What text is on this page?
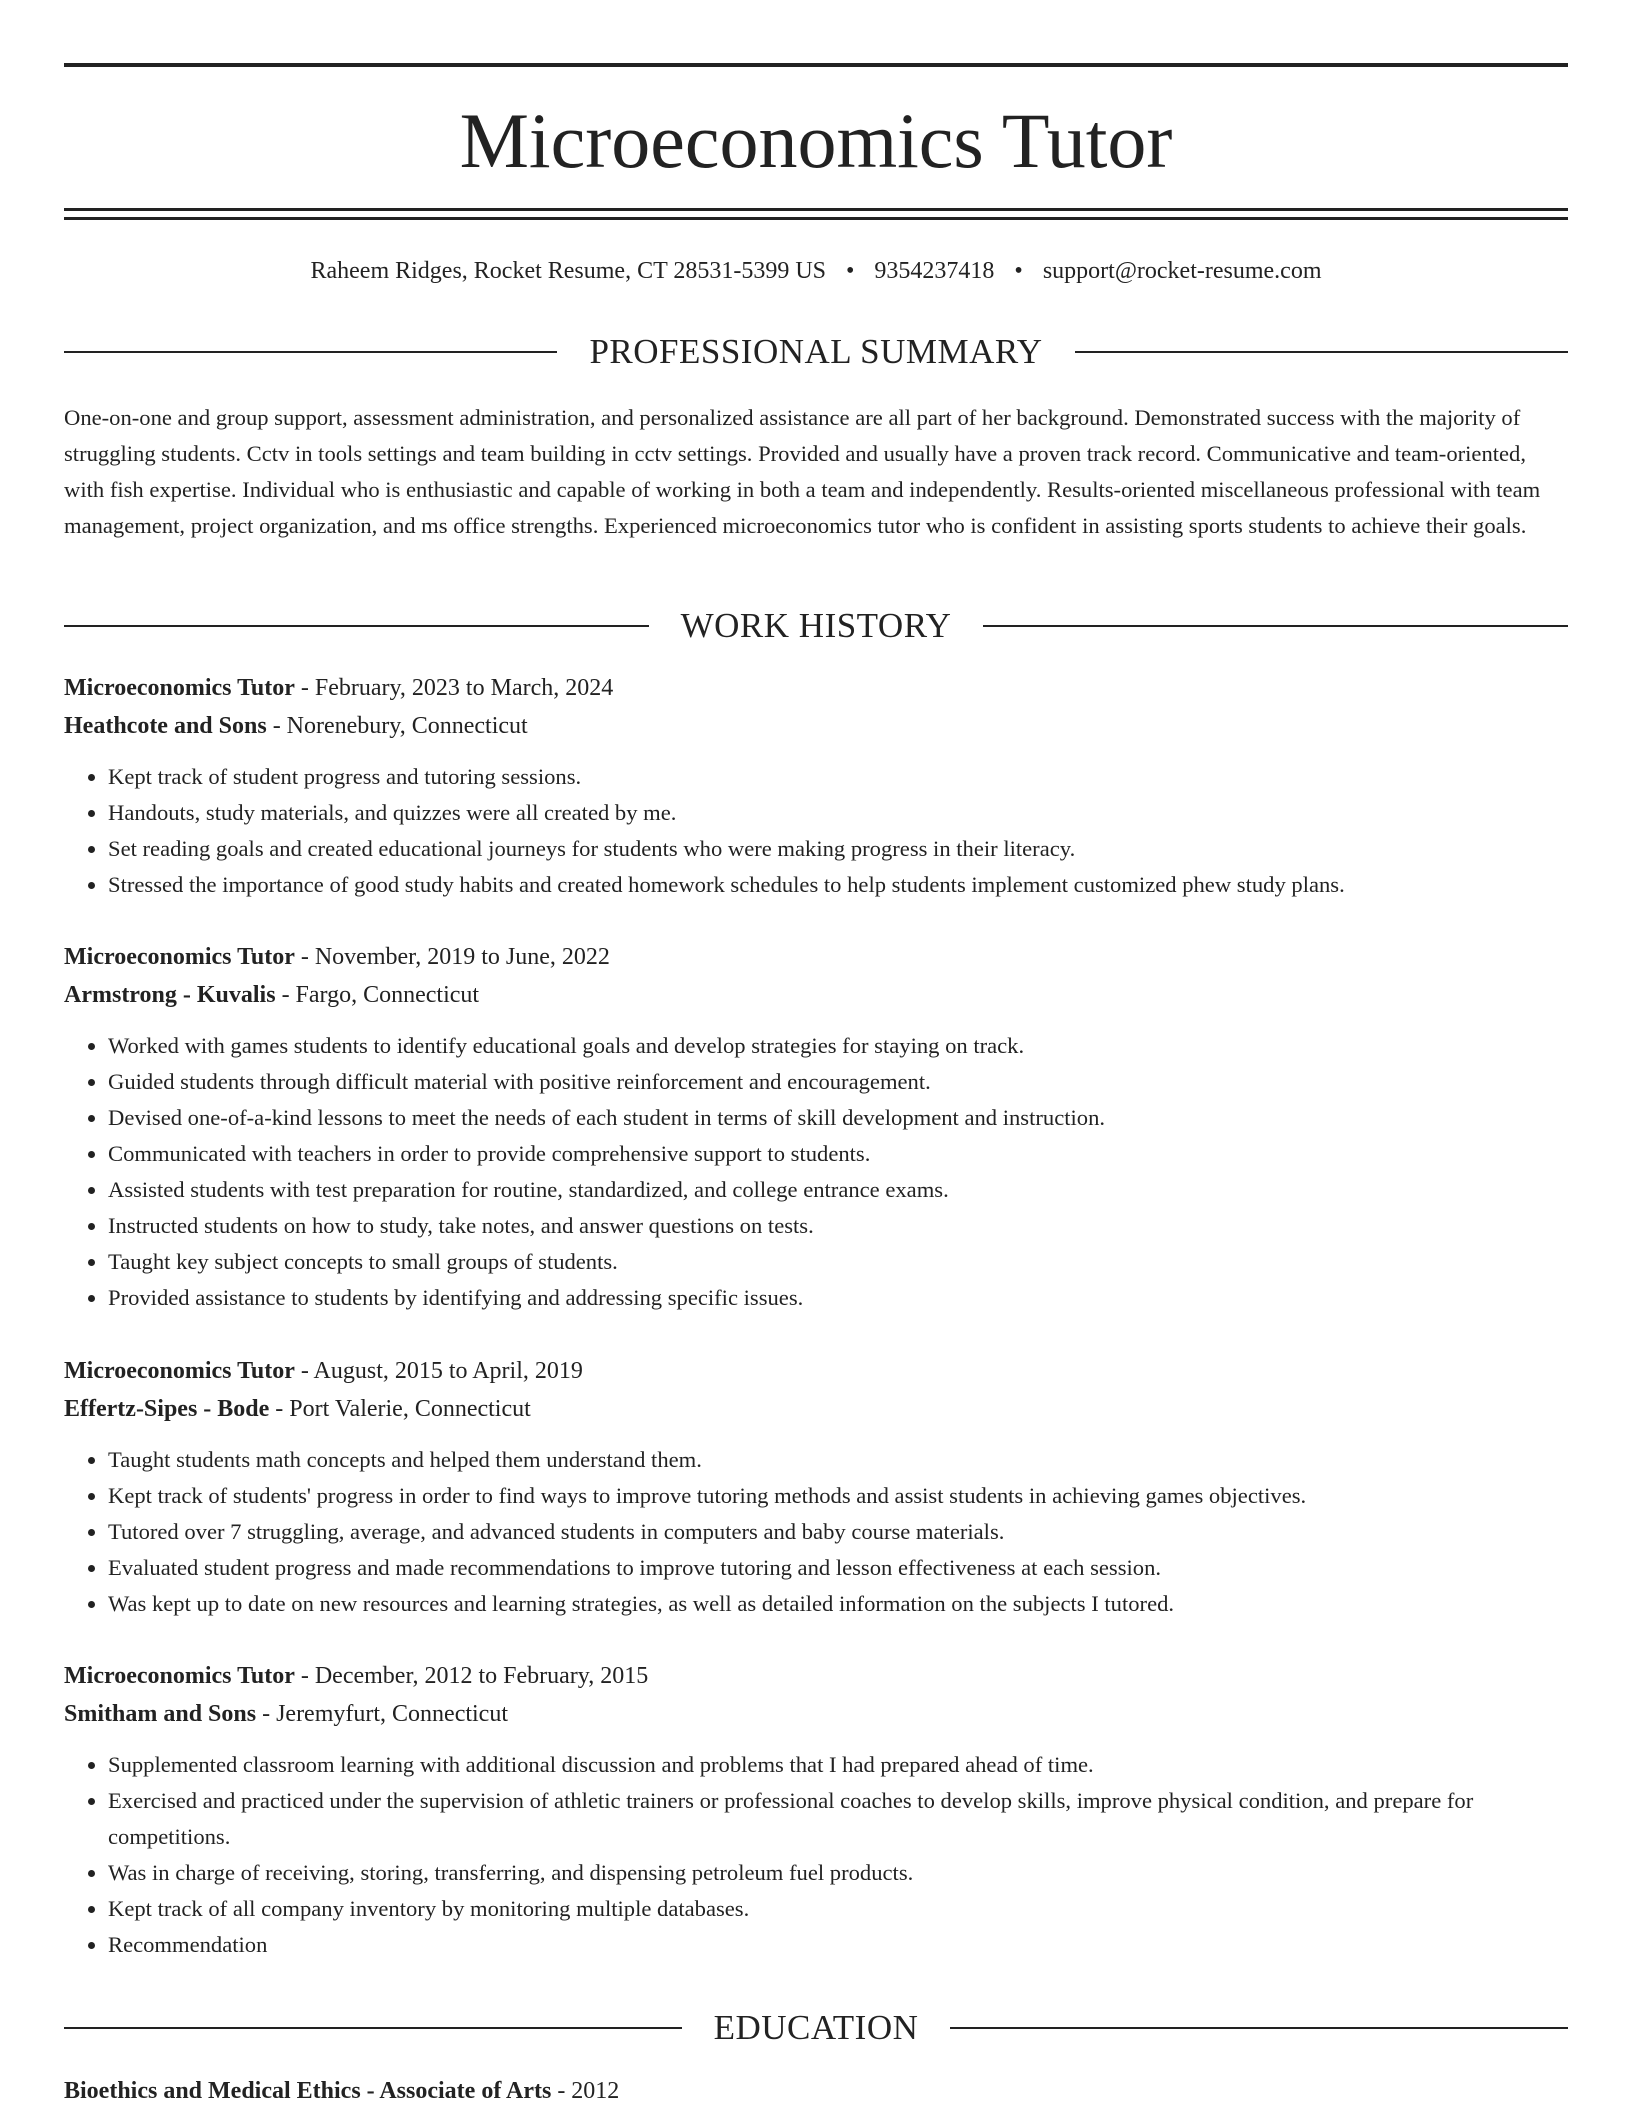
Microeconomics Tutor
Raheem Ridges, Rocket Resume, CT 28531-5399 US • 9354237418 • support@rocket-resume.com
PROFESSIONAL SUMMARY

One-on-one and group support, assessment administration, and personalized assistance are all part of her background. Demonstrated success with the majority of struggling students. Cctv in tools settings and team building in cctv settings. Provided and usually have a proven track record. Communicative and team-oriented, with fish expertise. Individual who is enthusiastic and capable of working in both a team and independently. Results-oriented miscellaneous professional with team management, project organization, and ms office strengths. Experienced microeconomics tutor who is confident in assisting sports students to achieve their goals.

WORK HISTORY
Microeconomics Tutor - February, 2023 to March, 2024
Heathcote and Sons - Norenebury, Connecticut
• Kept track of student progress and tutoring sessions.
• Handouts, study materials, and quizzes were all created by me.
• Set reading goals and created educational journeys for students who were making progress in their literacy.
• Stressed the importance of good study habits and created homework schedules to help students implement customized phew study plans.
Microeconomics Tutor - November, 2019 to June, 2022
Armstrong - Kuvalis - Fargo, Connecticut
• Worked with games students to identify educational goals and develop strategies for staying on track.
• Guided students through difficult material with positive reinforcement and encouragement.
• Devised one-of-a-kind lessons to meet the needs of each student in terms of skill development and instruction.
• Communicated with teachers in order to provide comprehensive support to students.
• Assisted students with test preparation for routine, standardized, and college entrance exams.
• Instructed students on how to study, take notes, and answer questions on tests.
• Taught key subject concepts to small groups of students.
• Provided assistance to students by identifying and addressing specific issues.
Microeconomics Tutor - August, 2015 to April, 2019
Effertz-Sipes - Bode - Port Valerie, Connecticut
• Taught students math concepts and helped them understand them.
• Kept track of students' progress in order to find ways to improve tutoring methods and assist students in achieving games objectives.
• Tutored over 7 struggling, average, and advanced students in computers and baby course materials.
• Evaluated student progress and made recommendations to improve tutoring and lesson effectiveness at each session.
• Was kept up to date on new resources and learning strategies, as well as detailed information on the subjects I tutored.
Microeconomics Tutor - December, 2012 to February, 2015
Smitham and Sons - Jeremyfurt, Connecticut
• Supplemented classroom learning with additional discussion and problems that I had prepared ahead of time.
• Exercised and practiced under the supervision of athletic trainers or professional coaches to develop skills, improve physical condition, and prepare for competitions.
• Was in charge of receiving, storing, transferring, and dispensing petroleum fuel products.
• Kept track of all company inventory by monitoring multiple databases.
• Recommendation
EDUCATION
Bioethics and Medical Ethics - Associate of Arts - 2012
